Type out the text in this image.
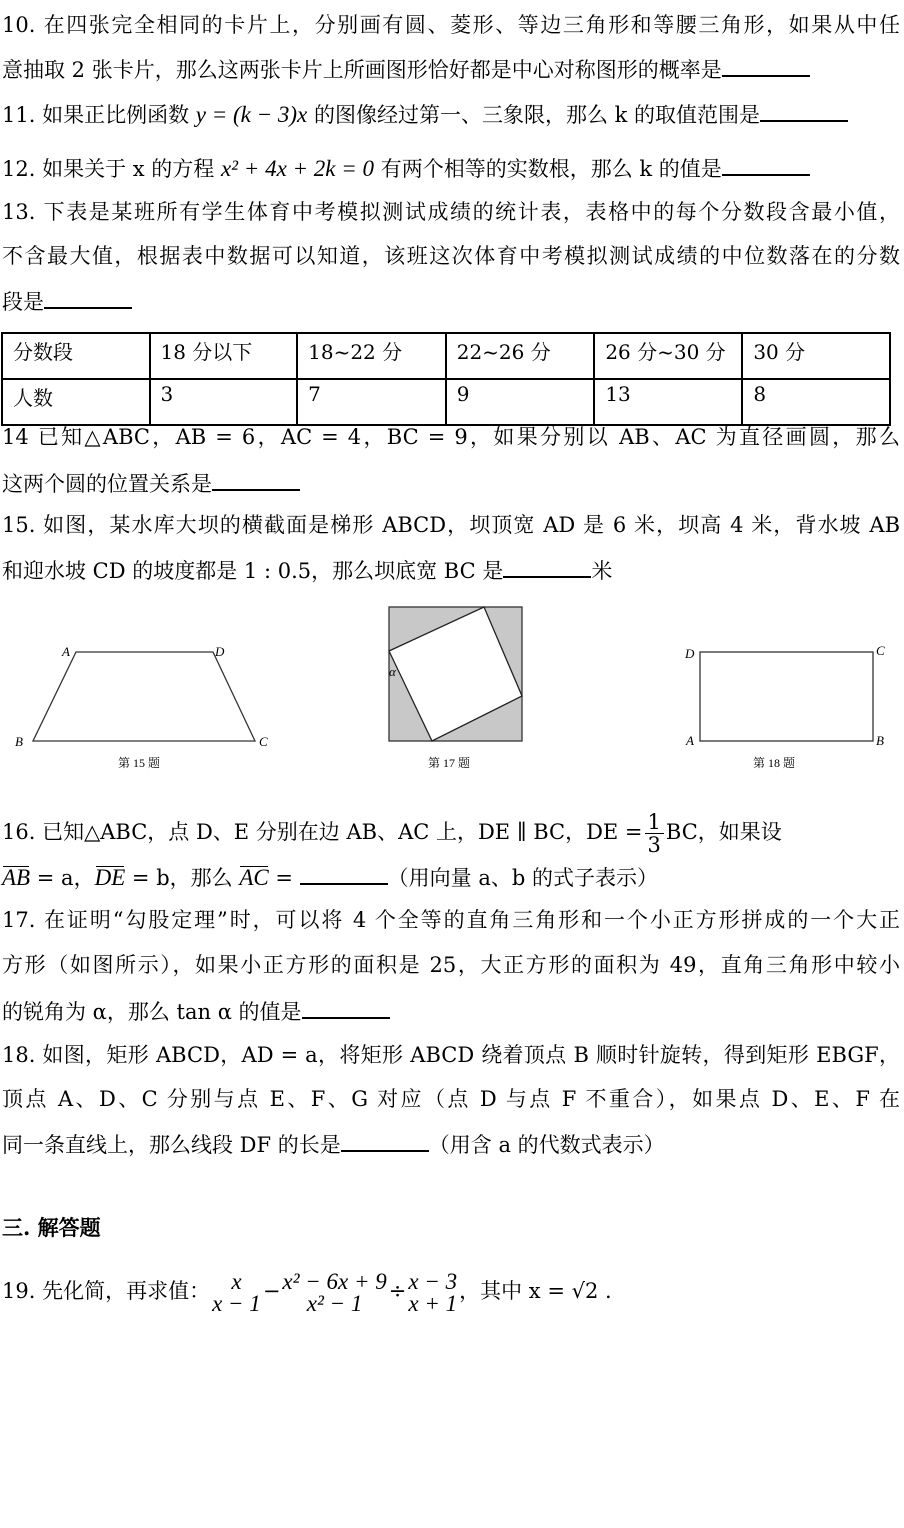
10. 在四张完全相同的卡片上，分别画有圆、菱形、等边三角形和等腰三角形，如果从中任
意抽取 2 张卡片，那么这两张卡片上所画图形恰好都是中心对称图形的概率是
11. 如果正比例函数 y = (k − 3)x 的图像经过第一、三象限，那么 k 的取值范围是
12. 如果关于 x 的方程 x² + 4x + 2k = 0 有两个相等的实数根，那么 k 的值是
13. 下表是某班所有学生体育中考模拟测试成绩的统计表，表格中的每个分数段含最小值，
不含最大值，根据表中数据可以知道，该班这次体育中考模拟测试成绩的中位数落在的分数
段是
分数段	18 分以下	18~22 分	22~26 分	26 分~30 分	30 分
人数	3	7	9	13	8
14 已知△ABC，AB = 6，AC = 4，BC = 9，如果分别以 AB、AC 为直径画圆，那么
这两个圆的位置关系是
15. 如图，某水库大坝的横截面是梯形 ABCD，坝顶宽 AD 是 6 米，坝高 4 米，背水坡 AB
和迎水坡 CD 的坡度都是 1 : 0.5，那么坝底宽 BC 是	米
A	D
B	C
第 15 题
α
第 17 题
D	C
A	B
第 18 题
16. 已知△ABC，点 D、E 分别在边 AB、AC 上，DE ∥ BC，DE = $\frac{1}{3}$ BC，如果设
AB = a，DE = b，那么 AC =	（用向量 a、b 的式子表示）
17. 在证明“勾股定理”时，可以将 4 个全等的直角三角形和一个小正方形拼成的一个大正
方形（如图所示），如果小正方形的面积是 25，大正方形的面积为 49，直角三角形中较小
的锐角为 α，那么 tan α 的值是
18. 如图，矩形 ABCD，AD = a，将矩形 ABCD 绕着顶点 B 顺时针旋转，得到矩形 EBGF，
顶点 A、D、C 分别与点 E、F、G 对应（点 D 与点 F 不重合），如果点 D、E、F 在
同一条直线上，那么线段 DF 的长是	（用含 a 的代数式表示）
三. 解答题
19. 先化简，再求值： x
x − 1 − x² − 6x + 9
x² − 1 ÷ x − 3
x + 1 ，其中 x = √2 .
